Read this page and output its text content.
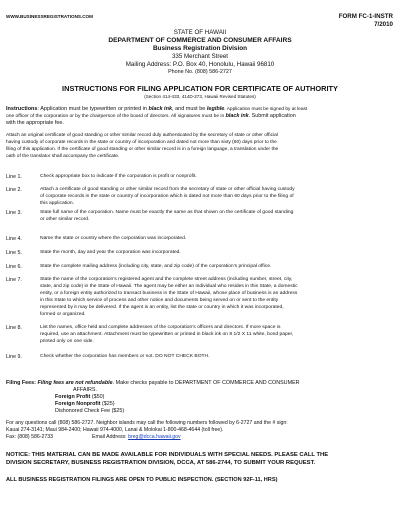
WWW.BUSINESSREGISTRATIONS.COM	FORM FC-1-INSTR
7/2010
STATE OF HAWAII
DEPARTMENT OF COMMERCE AND CONSUMER AFFAIRS
Business Registration Division
335 Merchant Street
Mailing Address: P.O. Box 40, Honolulu, Hawaii 96810
Phone No. (808) 586-2727
INSTRUCTIONS FOR FILING APPLICATION FOR CERTIFICATE OF AUTHORITY
(Section 414-433, 414D-273, Hawaii Revised Statutes)
Instructions: Application must be typewritten or printed in black ink, and must be legible. Application must be signed by at least
one officer of the corporation or by the chairperson of the board of directors. All signatures must be in black ink. Submit application
with the appropriate fee.
Attach an original certificate of good standing or other similar record duly authenticated by the secretary of state or other official
having custody of corporate records in the state or country of incorporation and dated not more than sixty (60) days prior to the
filing of this application. If the certificate of good standing or other similar record is in a foreign language, a translation under the
oath of the translator shall accompany the certificate.
Line 1.	Check appropriate box to indicate if the corporation is profit or nonprofit.
Line 2.	Attach a certificate of good standing or other similar record from the secretary of state or other official having custody
of corporate records in the state or country of incorporation which is dated not more than 60 days prior to the filing of
this application.
Line 3.	State full name of the corporation. Name must be exactly the same as that shown on the certificate of good standing
or other similar record.
Line 4.	Name the state or country where the corporation was incorporated.
Line 5.	State the month, day and year the corporation was incorporated.
Line 6.	State the complete mailing address (including city, state, and zip code) of the corporation’s principal office.
Line 7.	State the name of the corporation’s registered agent and the complete street address (including number, street, city,
state, and zip code) in the State of Hawaii. The agent may be either an individual who resides in this State, a domestic
entity, or a foreign entity authorized to transact business in the State of Hawaii, whose place of business is an address
in this State to which service of process and other notice and documents being served on or sent to the entity
represented by it may be delivered. If the agent is an entity, list the state or country in which it was incorporated,
formed or organized.
Line 8.	List the names, office held and complete addresses of the corporation’s officers and directors. If more space is
required, use an attachment. Attachment must be typewritten or printed in black ink on 8 1/2 X 11 white, bond paper,
printed only on one side.
Line 9.	Check whether the corporation has members or not. DO NOT CHECK BOTH.
Filing Fees: Filing fees are not refundable. Make checks payable to DEPARTMENT OF COMMERCE AND CONSUMER
AFFAIRS.
Foreign Profit ($50)
Foreign Nonprofit ($25)
Dishonored Check Fee ($25)
For any questions call (808) 586-2727. Neighbor islands may call the following numbers followed by 6-2727 and the # sign:
Kauai 274-3141; Maui 984-2400; Hawaii 974-4000, Lanai & Molokai 1-800-468-4644 (toll free).
Fax: (808) 586-2733	Email Address: breg@dcca.hawaii.gov
NOTICE: THIS MATERIAL CAN BE MADE AVAILABLE FOR INDIVIDUALS WITH SPECIAL NEEDS. PLEASE CALL THE
DIVISION SECRETARY, BUSINESS REGISTRATION DIVISION, DCCA, AT 586-2744, TO SUBMIT YOUR REQUEST.
ALL BUSINESS REGISTRATION FILINGS ARE OPEN TO PUBLIC INSPECTION. (SECTION 92F-11, HRS)
